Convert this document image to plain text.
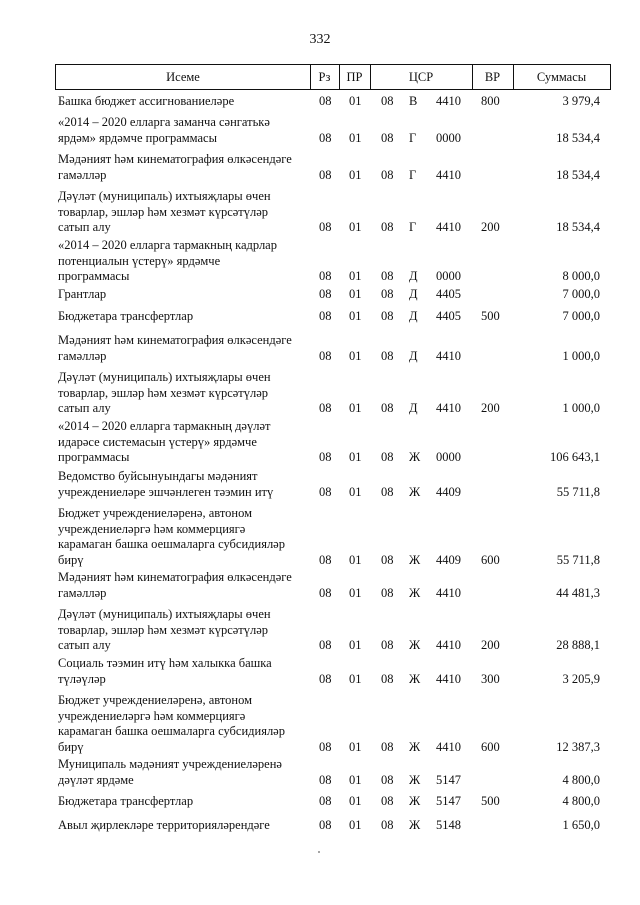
332
Исеме	Рз	ПР	ЦСР	ВР	Суммасы
Башка бюджет ассигнованиеләре	08 01 08 В 4410 800	3 979,4
«2014 – 2020 елларга заманча сәнгатькә
ярдәм» ярдәмче программасы	08 01 08 Г 0000	18 534,4
Мәдәният һәм кинематография өлкәсендәге
гамәлләр	08 01 08 Г 4410	18 534,4
Дәүләт (муниципаль) ихтыяҗлары өчен
товарлар, эшләр һәм хезмәт күрсәтүләр
сатып алу	08 01 08 Г 4410 200	18 534,4
«2014 – 2020 елларга тармакның кадрлар
потенциалын үстерү» ярдәмче
программасы	08 01 08 Д 0000	8 000,0
Грантлар	08 01 08 Д 4405	7 000,0
Бюджетара трансфертлар	08 01 08 Д 4405 500	7 000,0
Мәдәният һәм кинематография өлкәсендәге
гамәлләр	08 01 08 Д 4410	1 000,0
Дәүләт (муниципаль) ихтыяҗлары өчен
товарлар, эшләр һәм хезмәт күрсәтүләр
сатып алу	08 01 08 Д 4410 200	1 000,0
«2014 – 2020 елларга тармакның дәүләт
идарәсе системасын үстерү» ярдәмче
программасы	08 01 08 Ж 0000	106 643,1
Ведомство буйсынуындагы мәдәният
учреждениеләре эшчәнлеген тәэмин итү	08 01 08 Ж 4409	55 711,8
Бюджет учреждениеләренә, автоном
учреждениеләргә һәм коммерциягә
карамаган башка оешмаларга субсидияләр
бирү	08 01 08 Ж 4409 600	55 711,8
Мәдәният һәм кинематография өлкәсендәге
гамәлләр	08 01 08 Ж 4410	44 481,3
Дәүләт (муниципаль) ихтыяҗлары өчен
товарлар, эшләр һәм хезмәт күрсәтүләр
сатып алу	08 01 08 Ж 4410 200	28 888,1
Социаль тәэмин итү һәм халыкка башка
түләүләр	08 01 08 Ж 4410 300	3 205,9
Бюджет учреждениеләренә, автоном
учреждениеләргә һәм коммерциягә
карамаган башка оешмаларга субсидияләр
бирү	08 01 08 Ж 4410 600	12 387,3
Муниципаль мәдәният учреждениеләренә
дәүләт ярдәме	08 01 08 Ж 5147	4 800,0
Бюджетара трансфертлар	08 01 08 Ж 5147 500	4 800,0
Авыл җирлекләре территорияләрендәге	08 01 08 Ж 5148	1 650,0
